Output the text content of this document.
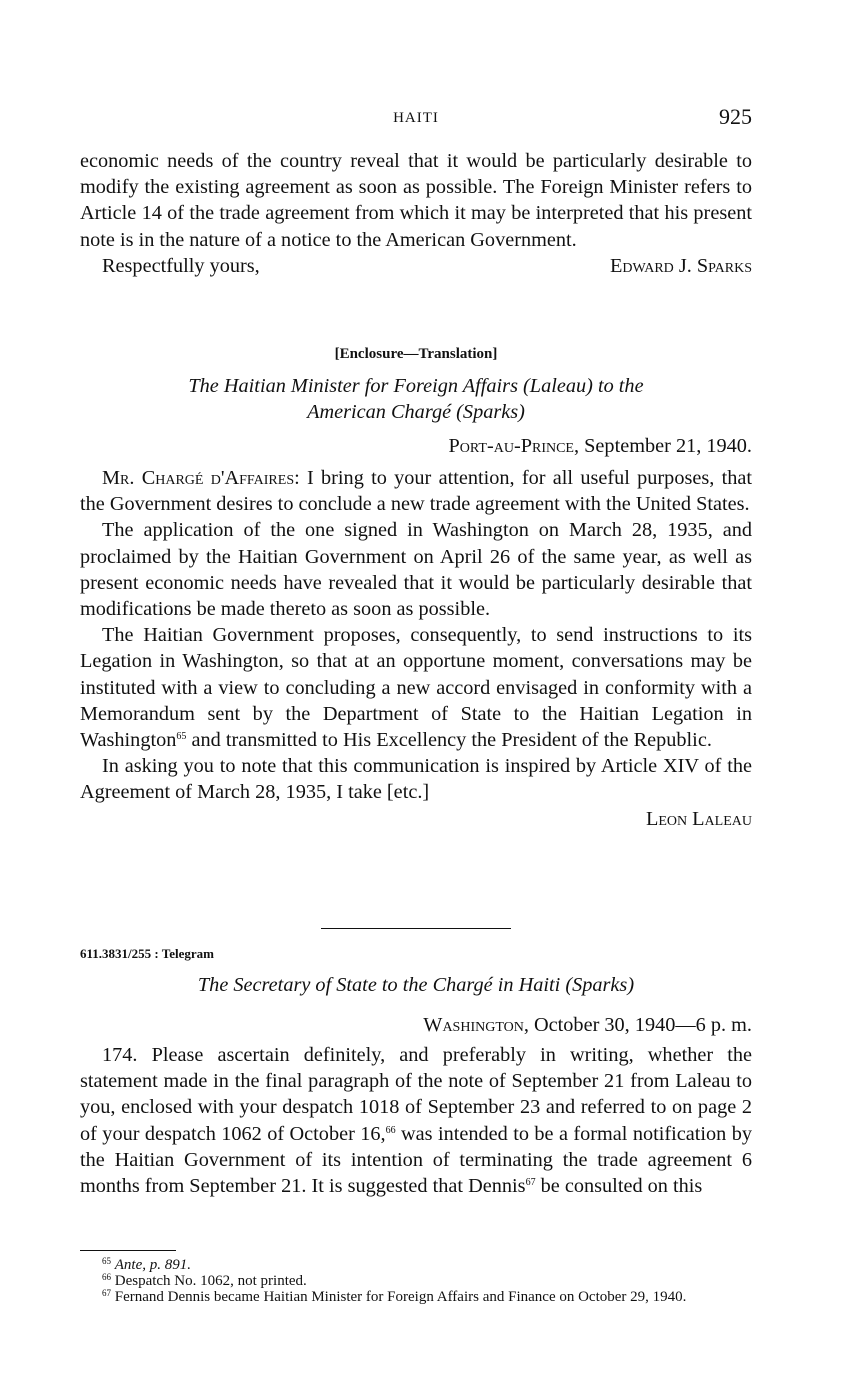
HAITI	925

economic needs of the country reveal that it would be particularly desirable to modify the existing agreement as soon as possible. The Foreign Minister refers to Article 14 of the trade agreement from which it may be interpreted that his present note is in the nature of a notice to the American Government.

Respectfully yours,	Edward J. Sparks

[Enclosure—Translation]

The Haitian Minister for Foreign Affairs (Laleau) to the

American Chargé (Sparks)

Port-au-Prince, September 21, 1940.

Mr. Chargé d'Affaires: I bring to your attention, for all useful purposes, that the Government desires to conclude a new trade agreement with the United States.

The application of the one signed in Washington on March 28, 1935, and proclaimed by the Haitian Government on April 26 of the same year, as well as present economic needs have revealed that it would be particularly desirable that modifications be made thereto as soon as possible.

The Haitian Government proposes, consequently, to send instructions to its Legation in Washington, so that at an opportune moment, conversations may be instituted with a view to concluding a new accord envisaged in conformity with a Memorandum sent by the Department of State to the Haitian Legation in Washington$^{65}$ and transmitted to His Excellency the President of the Republic.

In asking you to note that this communication is inspired by Article XIV of the Agreement of March 28, 1935, I take [etc.]

Leon Laleau

611.3831/255 : Telegram

The Secretary of State to the Chargé in Haiti (Sparks)

Washington, October 30, 1940—6 p. m.

174. Please ascertain definitely, and preferably in writing, whether the statement made in the final paragraph of the note of September 21 from Laleau to you, enclosed with your despatch 1018 of September 23 and referred to on page 2 of your despatch 1062 of October 16,66 was intended to be a formal notification by the Haitian Government of its intention of terminating the trade agreement 6 months from September 21. It is suggested that Dennis$^{67}$ be consulted on this

$^{65}$ Ante, p. 891.

$^{66}$ Despatch No. 1062, not printed.

$^{67}$ Fernand Dennis became Haitian Minister for Foreign Affairs and Finance on October 29, 1940.
